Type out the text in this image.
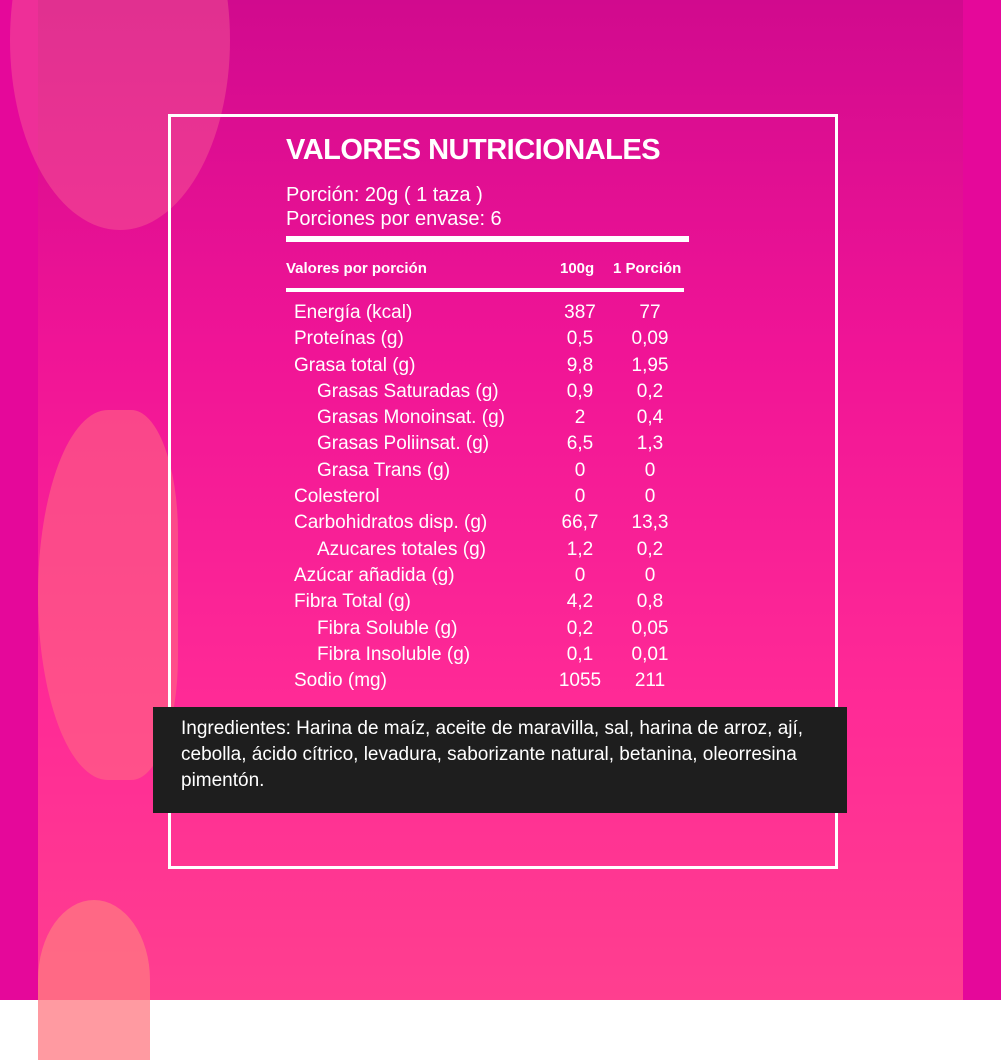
VALORES NUTRICIONALES
Porción: 20g ( 1 taza )
Porciones por envase: 6
Valores por porción	100g 1 Porción
Energía (kcal)	387	77
Proteínas (g)	0,5	0,09
Grasa total (g)	9,8	1,95
Grasas Saturadas (g)	0,9	0,2
Grasas Monoinsat. (g)	2	0,4
Grasas Poliinsat. (g)	6,5	1,3
Grasa Trans (g)	0	0
Colesterol	0	0
Carbohidratos disp. (g)	66,7	13,3
Azucares totales (g)	1,2	0,2
Azúcar añadida (g)	0	0
Fibra Total (g)	4,2	0,8
Fibra Soluble (g)	0,2	0,05
Fibra Insoluble (g)	0,1	0,01
Sodio (mg)	1055	211

Ingredientes: Harina de maíz, aceite de maravilla, sal, harina de arroz, ají, cebolla, ácido cítrico, levadura, saborizante natural, betanina, oleorresina pimentón.
